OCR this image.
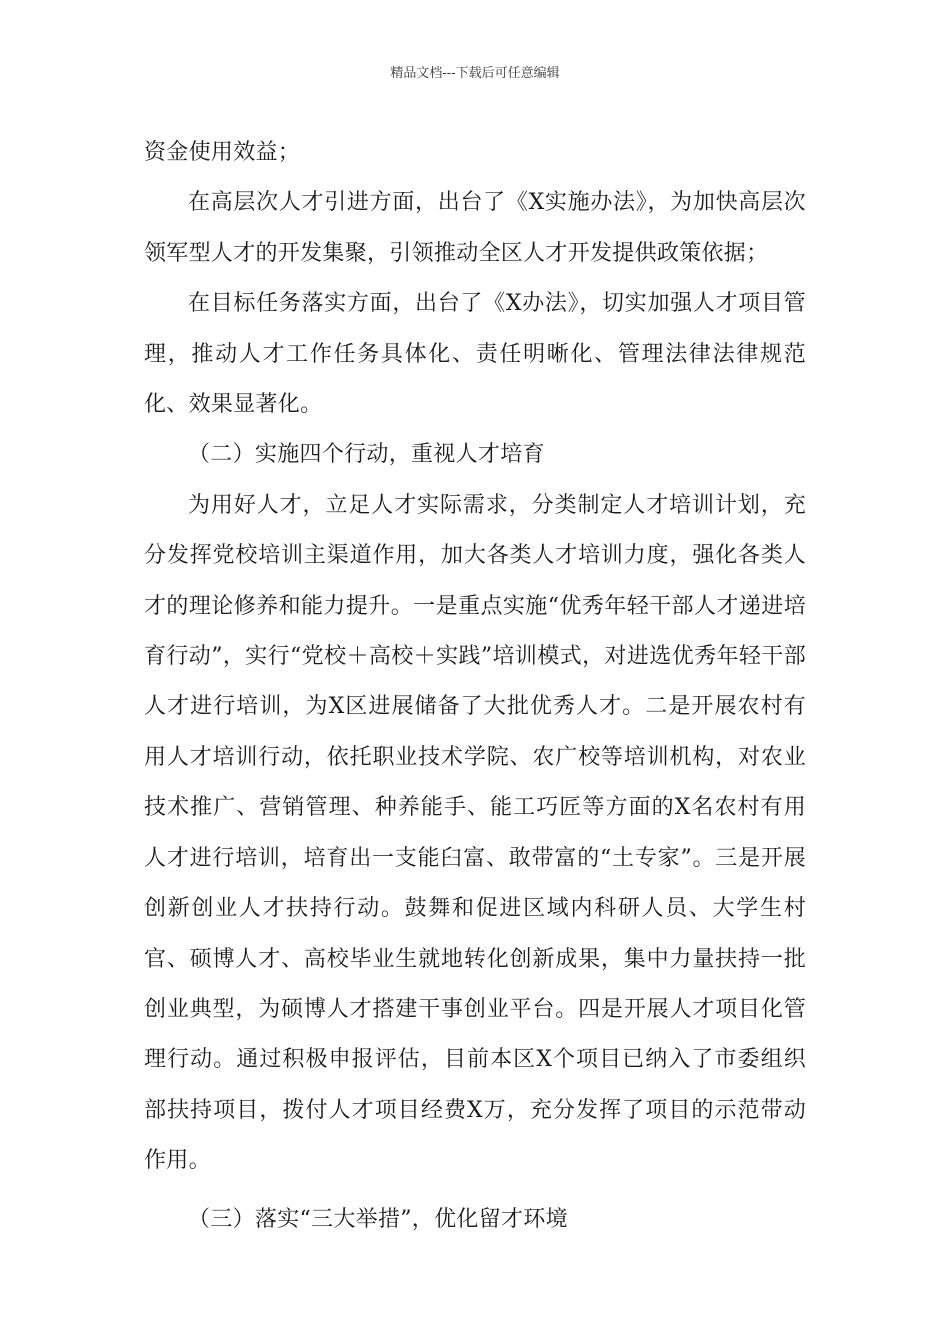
精品文档---下载后可任意编辑

资金使用效益；

在高层次人才引进方面，出台了《X实施办法》，为加快高层次领军型人才的开发集聚，引领推动全区人才开发提供政策依据；

在目标任务落实方面，出台了《X办法》，切实加强人才项目管理，推动人才工作任务具体化、责任明晰化、管理法律法律规范化、效果显著化。

（二）实施四个行动，重视人才培育

为用好人才，立足人才实际需求，分类制定人才培训计划，充分发挥党校培训主渠道作用，加大各类人才培训力度，强化各类人才的理论修养和能力提升。一是重点实施“优秀年轻干部人才递进培育行动”，实行“党校＋高校＋实践”培训模式，对进选优秀年轻干部人才进行培训，为X区进展储备了大批优秀人才。二是开展农村有用人才培训行动，依托职业技术学院、农广校等培训机构，对农业技术推广、营销管理、种养能手、能工巧匠等方面的X名农村有用人才进行培训，培育出一支能臼富、敢带富的“土专家”。三是开展创新创业人才扶持行动。鼓舞和促进区域内科研人员、大学生村官、硕博人才、高校毕业生就地转化创新成果，集中力量扶持一批创业典型，为硕博人才搭建干事创业平台。四是开展人才项目化管理行动。通过积极申报评估，目前本区X个项目已纳入了市委组织部扶持项目，拨付人才项目经费X万，充分发挥了项目的示范带动作用。

（三）落实“三大举措”，优化留才环境
